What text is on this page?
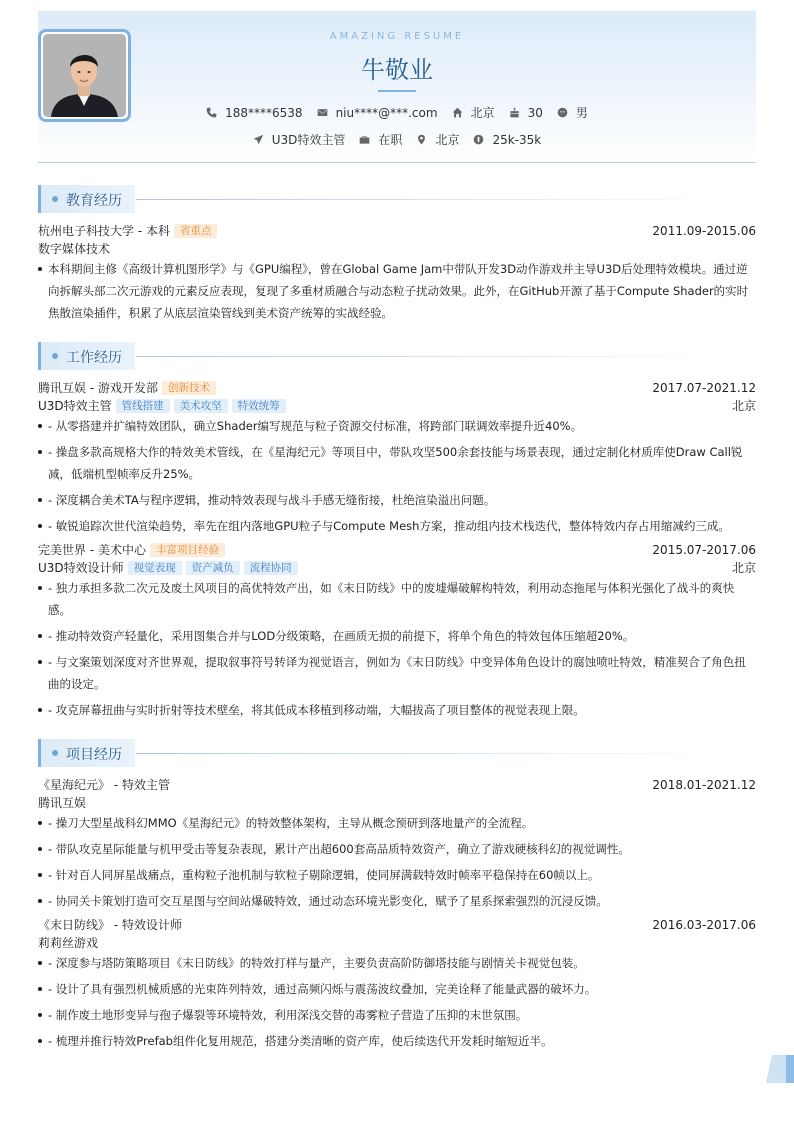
AMAZING RESUME
牛敬业
188****6538	niu****@***.com	北京	30	男
U3D特效主管	在职	北京	25k-35k
教育经历
杭州电子科技大学 - 本科 省重点	2011.09-2015.06
数字媒体技术
本科期间主修《高级计算机图形学》与《GPU编程》，曾在Global Game Jam中带队开发3D动作游戏并主导U3D后处理特效模块。通过逆向拆解头部二次元游戏的元素反应表现，复现了多重材质融合与动态粒子扰动效果。此外，在GitHub开源了基于Compute Shader的实时焦散渲染插件，积累了从底层渲染管线到美术资产统筹的实战经验。
工作经历
腾讯互娱 - 游戏开发部 创新技术	2017.07-2021.12
U3D特效主管 管线搭建 美术攻坚 特效统筹	北京
- 从零搭建并扩编特效团队，确立Shader编写规范与粒子资源交付标准，将跨部门联调效率提升近40%。
- 操盘多款高规格大作的特效美术管线，在《星海纪元》等项目中，带队攻坚500余套技能与场景表现，通过定制化材质库使Draw Call锐减，低端机型帧率反升25%。
- 深度耦合美术TA与程序逻辑，推动特效表现与战斗手感无缝衔接，杜绝渲染溢出问题。
- 敏锐追踪次世代渲染趋势，率先在组内落地GPU粒子与Compute Mesh方案，推动组内技术栈迭代，整体特效内存占用缩减约三成。
完美世界 - 美术中心 丰富项目经验	2015.07-2017.06
U3D特效设计师 视觉表现 资产减负 流程协同	北京
- 独力承担多款二次元及废土风项目的高优特效产出，如《末日防线》中的废墟爆破解构特效，利用动态拖尾与体积光强化了战斗的爽快感。
- 推动特效资产轻量化，采用图集合并与LOD分级策略，在画质无损的前提下，将单个角色的特效包体压缩超20%。
- 与文案策划深度对齐世界观，提取叙事符号转译为视觉语言，例如为《末日防线》中变异体角色设计的腐蚀喷吐特效，精准契合了角色扭曲的设定。
- 攻克屏幕扭曲与实时折射等技术壁垒，将其低成本移植到移动端，大幅拔高了项目整体的视觉表现上限。
项目经历
《星海纪元》 - 特效主管	2018.01-2021.12
腾讯互娱
- 操刀大型星战科幻MMO《星海纪元》的特效整体架构，主导从概念预研到落地量产的全流程。
- 带队攻克星际能量与机甲受击等复杂表现，累计产出超600套高品质特效资产，确立了游戏硬核科幻的视觉调性。
- 针对百人同屏星战痛点，重构粒子池机制与软粒子剔除逻辑，使同屏满载特效时帧率平稳保持在60帧以上。
- 协同关卡策划打造可交互星图与空间站爆破特效，通过动态环境光影变化，赋予了星系探索强烈的沉浸反馈。
《末日防线》 - 特效设计师	2016.03-2017.06
莉莉丝游戏
- 深度参与塔防策略项目《末日防线》的特效打样与量产，主要负责高阶防御塔技能与剧情关卡视觉包装。
- 设计了具有强烈机械质感的光束阵列特效，通过高频闪烁与震荡波纹叠加，完美诠释了能量武器的破坏力。
- 制作废土地形变异与孢子爆裂等环境特效，利用深浅交替的毒雾粒子营造了压抑的末世氛围。
- 梳理并推行特效Prefab组件化复用规范，搭建分类清晰的资产库，使后续迭代开发耗时缩短近半。
